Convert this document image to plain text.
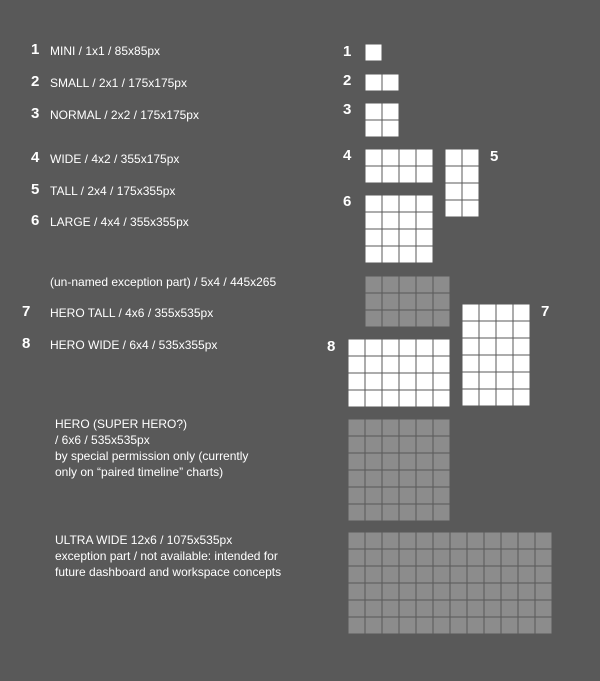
1 MINI / 1x1 / 85x85px
2 SMALL / 2x1 / 175x175px
3 NORMAL / 2x2 / 175x175px
4 WIDE / 4x2 / 355x175px
5 TALL / 2x4 / 175x355px
6 LARGE / 4x4 / 355x355px
(un-named exception part) / 5x4 / 445x265
7 HERO TALL / 4x6 / 355x535px
8 HERO WIDE / 6x4 / 535x355px
HERO (SUPER HERO?)
/ 6x6 / 535x535px
by special permission only (currently
only on “paired timeline” charts)
ULTRA WIDE 12x6 / 1075x535px
exception part / not available: intended for
future dashboard and workspace concepts
1
2
3
4	5
6
7
8
